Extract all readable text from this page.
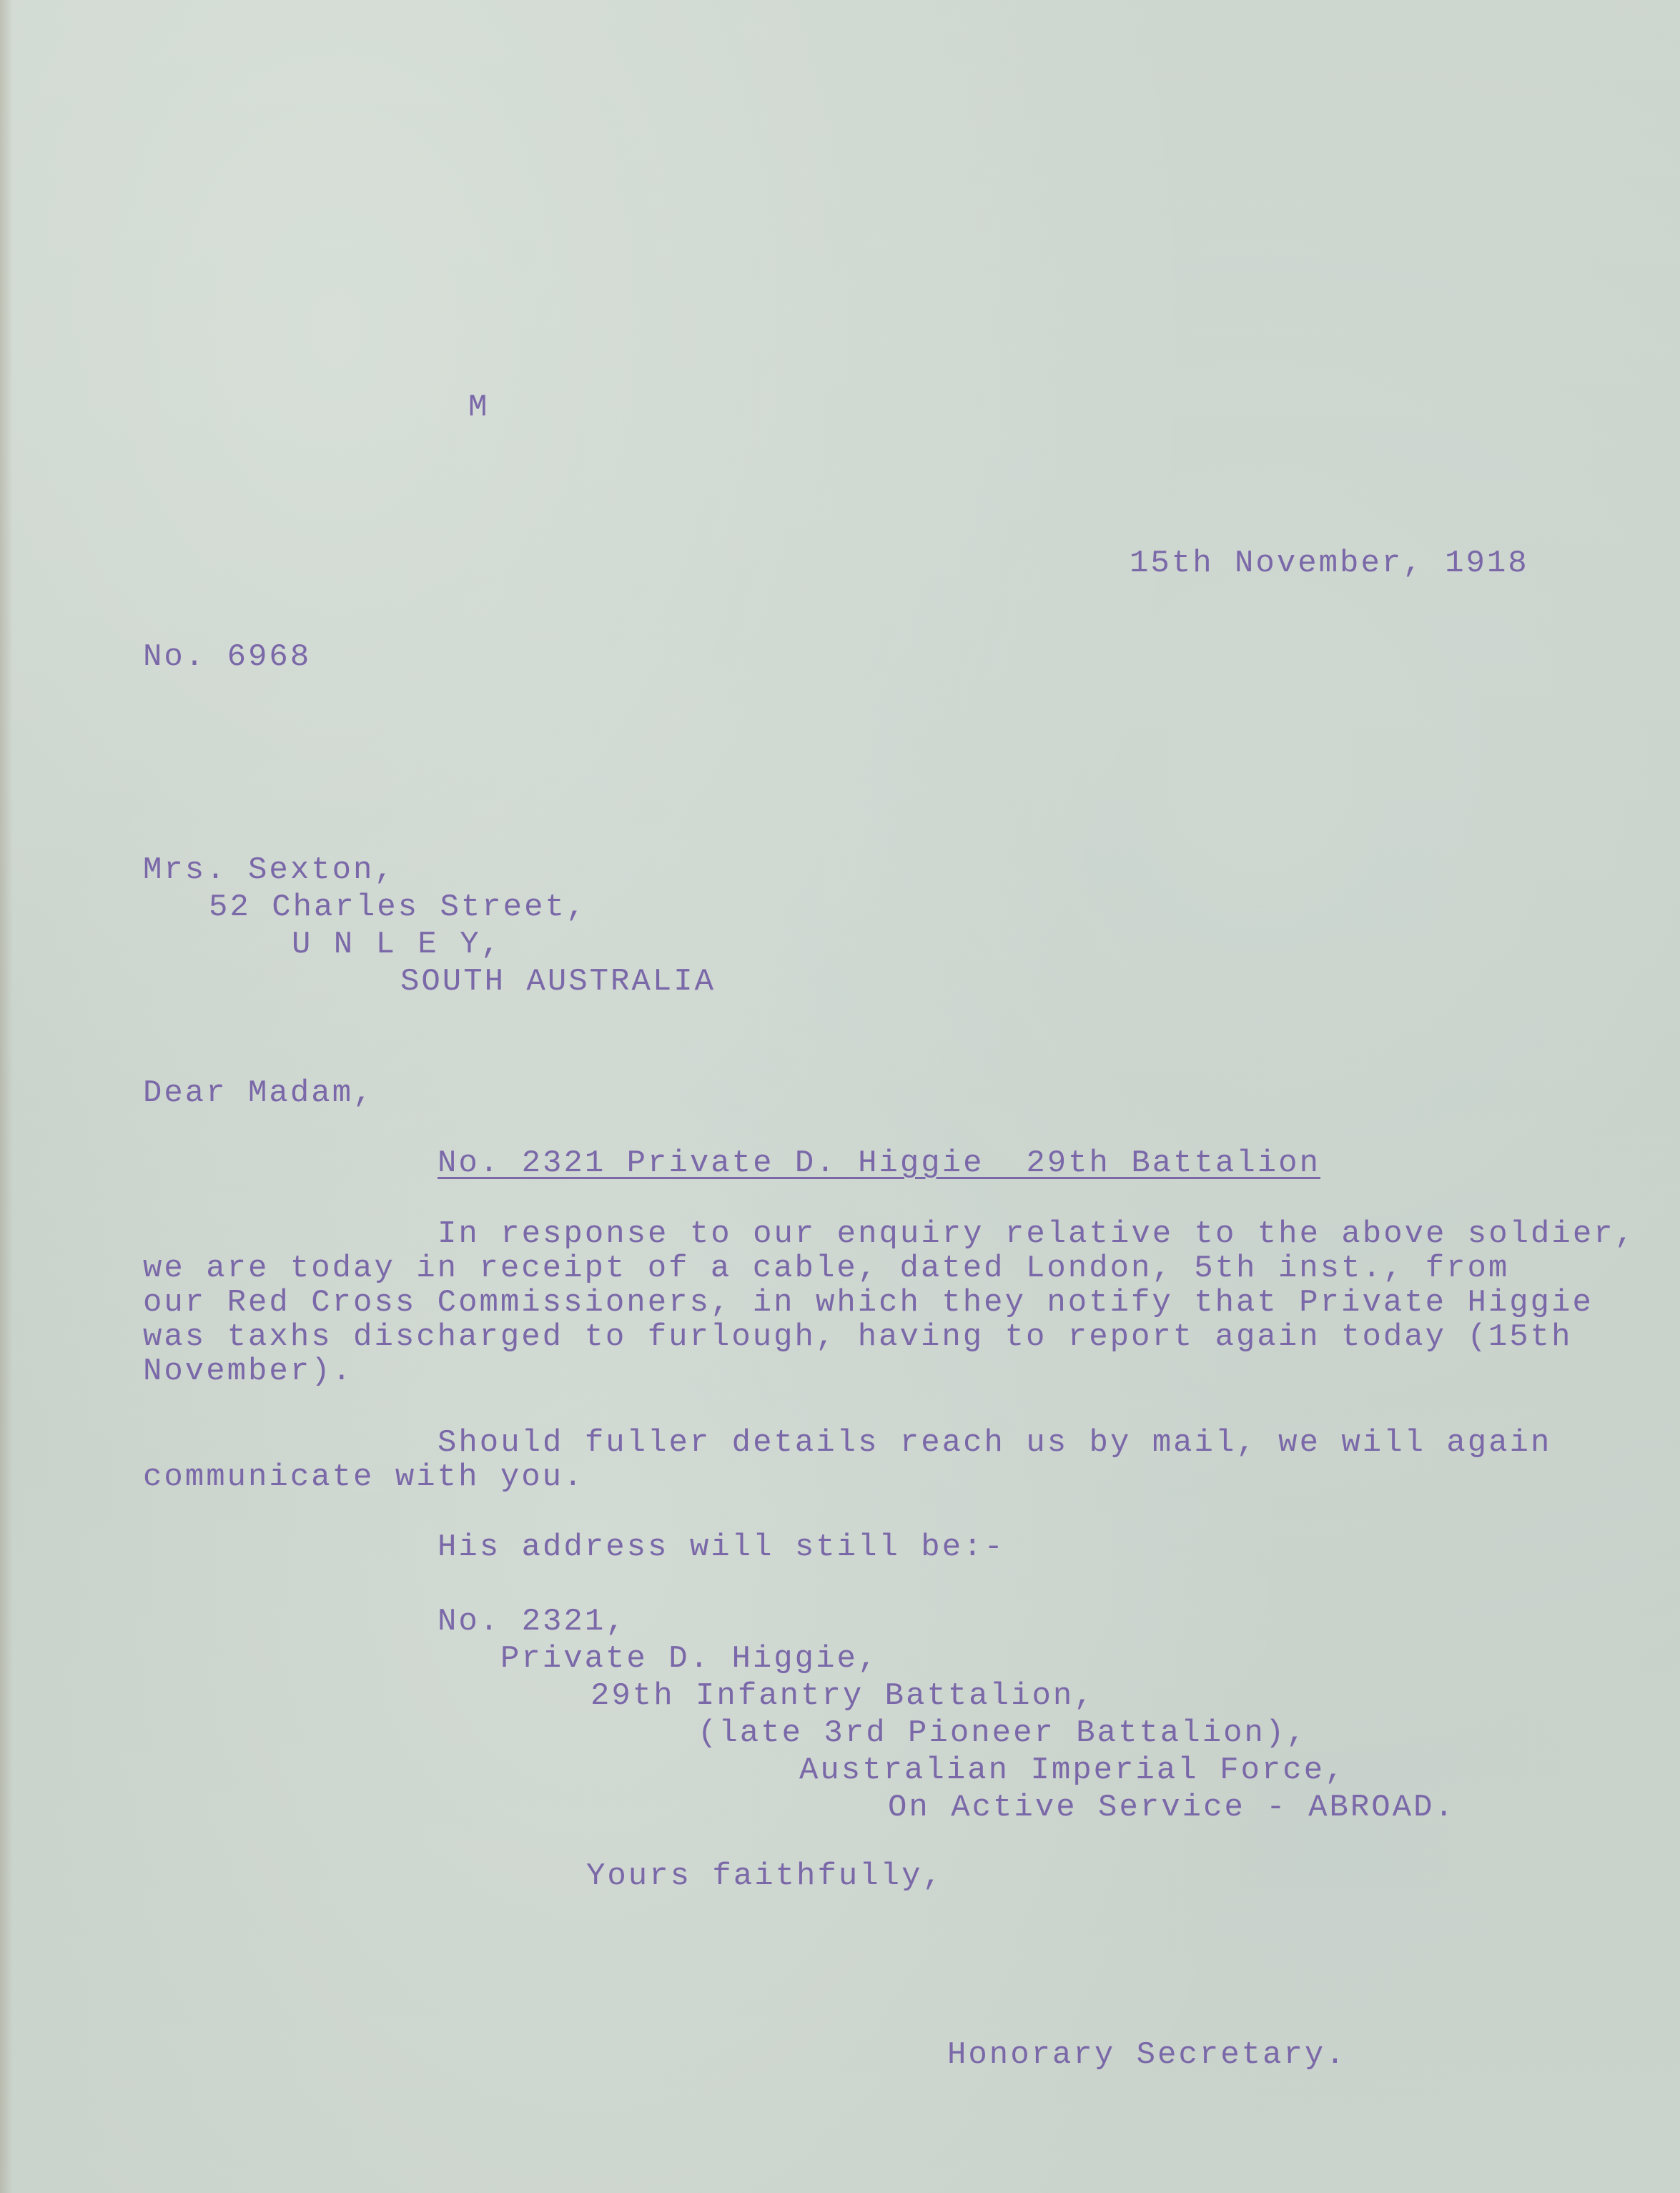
M

15th November, 1918

No. 6968

Mrs. Sexton,

52 Charles Street,

U N L E Y,

SOUTH AUSTRALIA

Dear Madam,

No. 2321 Private D. Higgie  29th Battalion

In response to our enquiry relative to the above soldier,

we are today in receipt of a cable, dated London, 5th inst., from

our Red Cross Commissioners, in which they notify that Private Higgie

was taxhs discharged to furlough, having to report again today (15th

November).

Should fuller details reach us by mail, we will again

communicate with you.

His address will still be:-

No. 2321,

Private D. Higgie,

29th Infantry Battalion,

(late 3rd Pioneer Battalion),

Australian Imperial Force,

On Active Service - ABROAD.

Yours faithfully,

Honorary Secretary.
